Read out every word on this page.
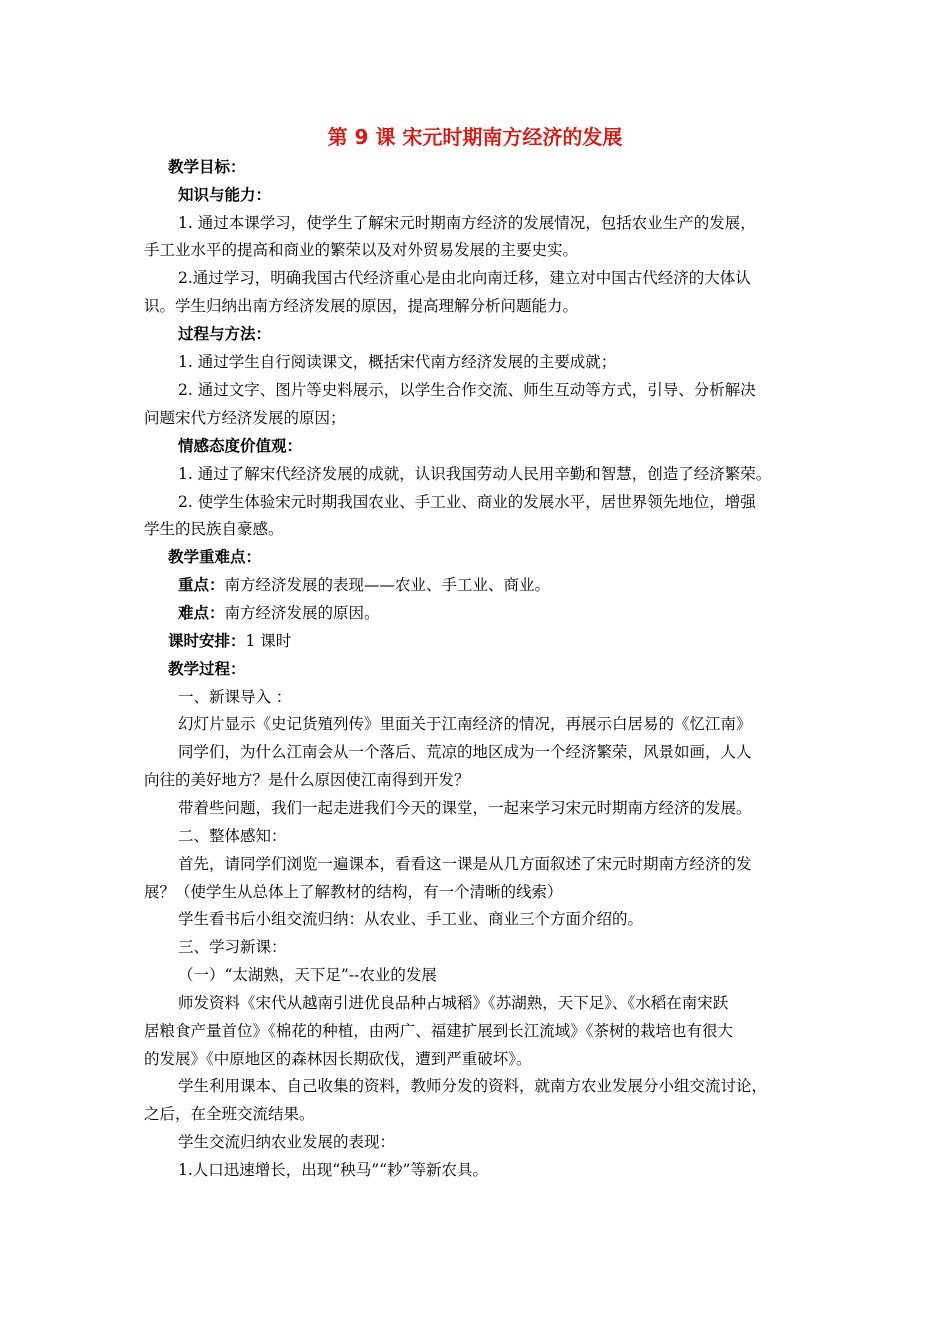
第 9 课 宋元时期南方经济的发展
教学目标：
知识与能力：
1. 通过本课学习，使学生了解宋元时期南方经济的发展情况，包括农业生产的发展，
手工业水平的提高和商业的繁荣以及对外贸易发展的主要史实。
2.通过学习，明确我国古代经济重心是由北向南迁移，建立对中国古代经济的大体认
识。学生归纳出南方经济发展的原因，提高理解分析问题能力。
过程与方法：
1. 通过学生自行阅读课文，概括宋代南方经济发展的主要成就；
2. 通过文字、图片等史料展示，以学生合作交流、师生互动等方式，引导、分析解决
问题宋代方经济发展的原因；
情感态度价值观：
1. 通过了解宋代经济发展的成就，认识我国劳动人民用辛勤和智慧，创造了经济繁荣。
2. 使学生体验宋元时期我国农业、手工业、商业的发展水平，居世界领先地位，增强
学生的民族自豪感。
教学重难点：
重点：南方经济发展的表现——农业、手工业、商业。
难点：南方经济发展的原因。
课时安排：1 课时
教学过程：
一、新课导入 ：
幻灯片显示《史记货殖列传》里面关于江南经济的情况，再展示白居易的《忆江南》
同学们，为什么江南会从一个落后、荒凉的地区成为一个经济繁荣，风景如画，人人
向往的美好地方？是什么原因使江南得到开发？
带着些问题，我们一起走进我们今天的课堂，一起来学习宋元时期南方经济的发展。
二、整体感知：
首先，请同学们浏览一遍课本，看看这一课是从几方面叙述了宋元时期南方经济的发
展？（使学生从总体上了解教材的结构，有一个清晰的线索）
学生看书后小组交流归纳：从农业、手工业、商业三个方面介绍的。
三、学习新课：
（一）“太湖熟，天下足”--农业的发展
师发资料《宋代从越南引进优良品种占城稻》《苏湖熟，天下足》、《水稻在南宋跃
居粮食产量首位》《棉花的种植，由两广、福建扩展到长江流域》《茶树的栽培也有很大
的发展》《中原地区的森林因长期砍伐，遭到严重破坏》。
学生利用课本、自己收集的资料，教师分发的资料，就南方农业发展分小组交流讨论，
之后，在全班交流结果。
学生交流归纳农业发展的表现：
1.人口迅速增长，出现“秧马”“耖”等新农具。
